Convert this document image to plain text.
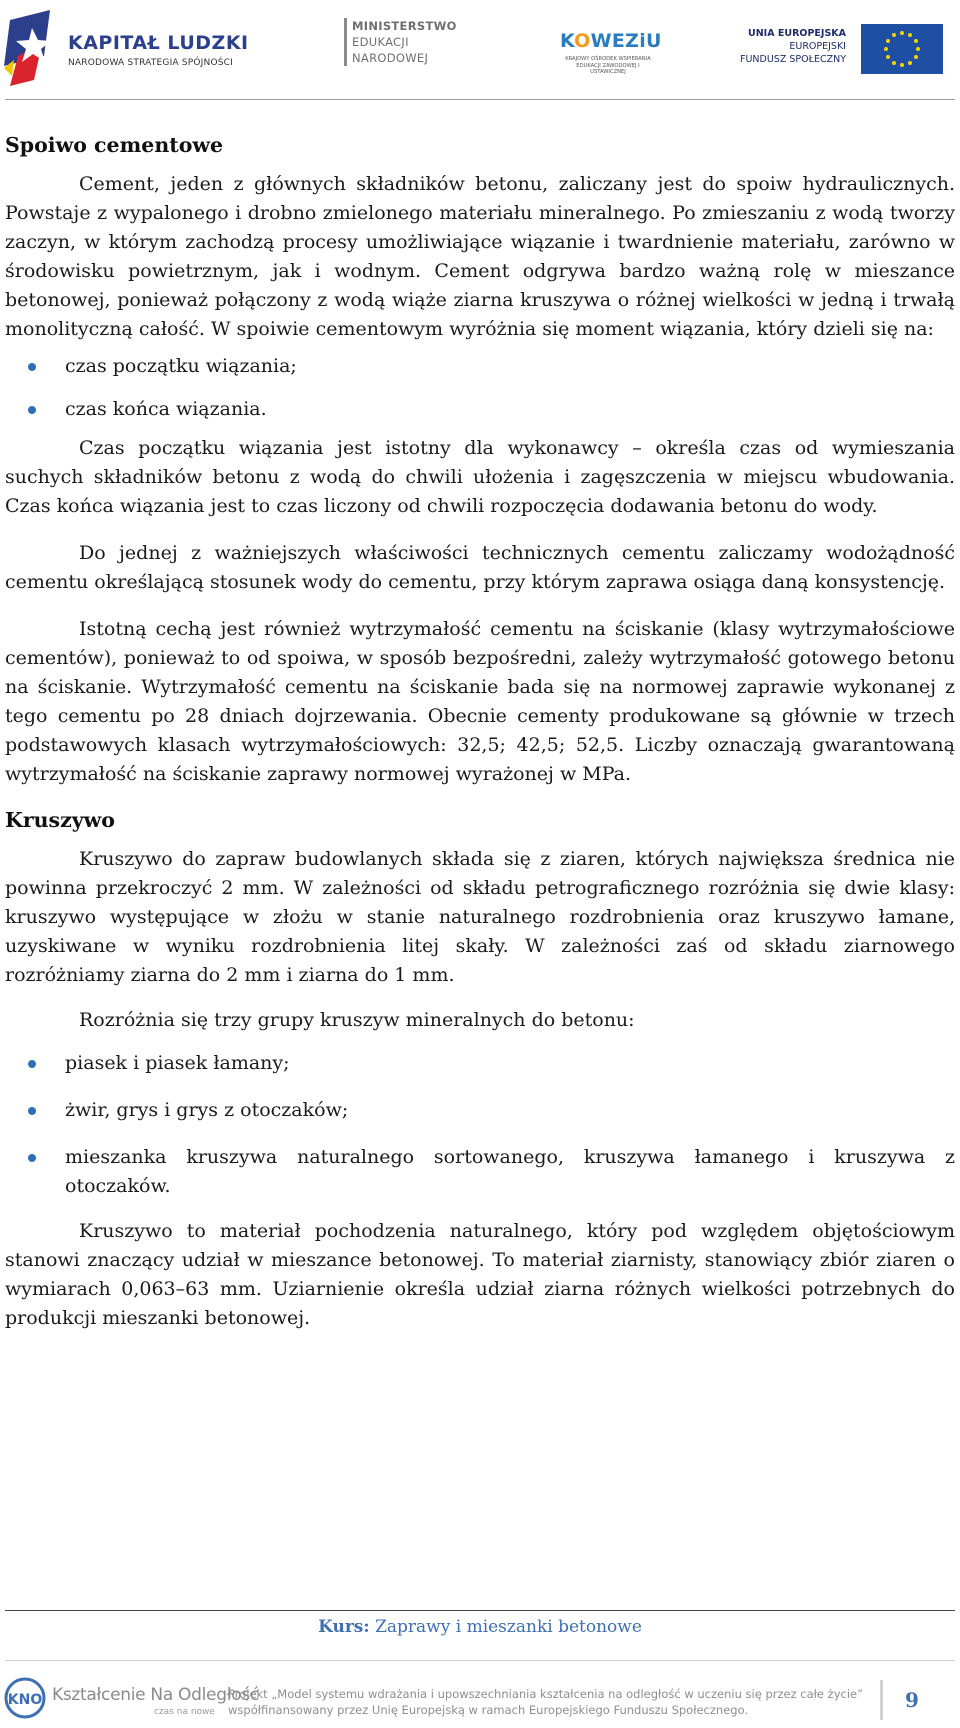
KAPITAŁ LUDZKI
NARODOWA STRATEGIA SPÓJNOŚCI
MINISTERSTWO
EDUKACJI
NARODOWEJ
KOWEZiU
KRAJOWY OŚRODEK WSPIERANIA EDUKACJI ZAWODOWEJ I USTAWICZNEJ
UNIA EUROPEJSKA
EUROPEJSKI
FUNDUSZ SPOŁECZNY
Spoiwo cementowe

Cement, jeden z głównych składników betonu, zaliczany jest do spoiw hydraulicznych. Powstaje z wypalonego i drobno zmielonego materiału mineralnego. Po zmieszaniu z wodą tworzy zaczyn, w którym zachodzą procesy umożliwiające wiązanie i twardnienie materiału, zarówno w środowisku powietrznym, jak i wodnym. Cement odgrywa bardzo ważną rolę w mieszance betonowej, ponieważ połączony z wodą wiąże ziarna kruszywa o różnej wielkości w jedną i trwałą monolityczną całość. W spoiwie cementowym wyróżnia się moment wiązania, który dzieli się na:

czas początku wiązania;
czas końca wiązania.

Czas początku wiązania jest istotny dla wykonawcy – określa czas od wymieszania suchych składników betonu z wodą do chwili ułożenia i zagęszczenia w miejscu wbudowania. Czas końca wiązania jest to czas liczony od chwili rozpoczęcia dodawania betonu do wody.

Do jednej z ważniejszych właściwości technicznych cementu zaliczamy wodożądność cementu określającą stosunek wody do cementu, przy którym zaprawa osiąga daną konsystencję.

Istotną cechą jest również wytrzymałość cementu na ściskanie (klasy wytrzymałościowe cementów), ponieważ to od spoiwa, w sposób bezpośredni, zależy wytrzymałość gotowego betonu na ściskanie. Wytrzymałość cementu na ściskanie bada się na normowej zaprawie wykonanej z tego cementu po 28 dniach dojrzewania. Obecnie cementy produkowane są głównie w trzech podstawowych klasach wytrzymałościowych: 32,5; 42,5; 52,5. Liczby oznaczają gwarantowaną wytrzymałość na ściskanie zaprawy normowej wyrażonej w MPa.

Kruszywo

Kruszywo do zapraw budowlanych składa się z ziaren, których największa średnica nie powinna przekroczyć 2 mm. W zależności od składu petrograficznego rozróżnia się dwie klasy: kruszywo występujące w złożu w stanie naturalnego rozdrobnienia oraz kruszywo łamane, uzyskiwane w wyniku rozdrobnienia litej skały. W zależności zaś od składu ziarnowego rozróżniamy ziarna do 2 mm i ziarna do 1 mm.

Rozróżnia się trzy grupy kruszyw mineralnych do betonu:

piasek i piasek łamany;
żwir, grys i grys z otoczaków;
mieszanka kruszywa naturalnego sortowanego, kruszywa łamanego i kruszywa z otoczaków.

Kruszywo to materiał pochodzenia naturalnego, który pod względem objętościowym stanowi znaczący udział w mieszance betonowej. To materiał ziarnisty, stanowiący zbiór ziaren o wymiarach 0,063–63 mm. Uziarnienie określa udział ziarna różnych wielkości potrzebnych do produkcji mieszanki betonowej.

Kurs: Zaprawy i mieszanki betonowe
KNO Kształcenie Na Odległość
czas na nowe
Projekt „Model systemu wdrażania i upowszechniania kształcenia na odległość w uczeniu się przez całe życie”
współfinansowany przez Unię Europejską w ramach Europejskiego Funduszu Społecznego.	9
